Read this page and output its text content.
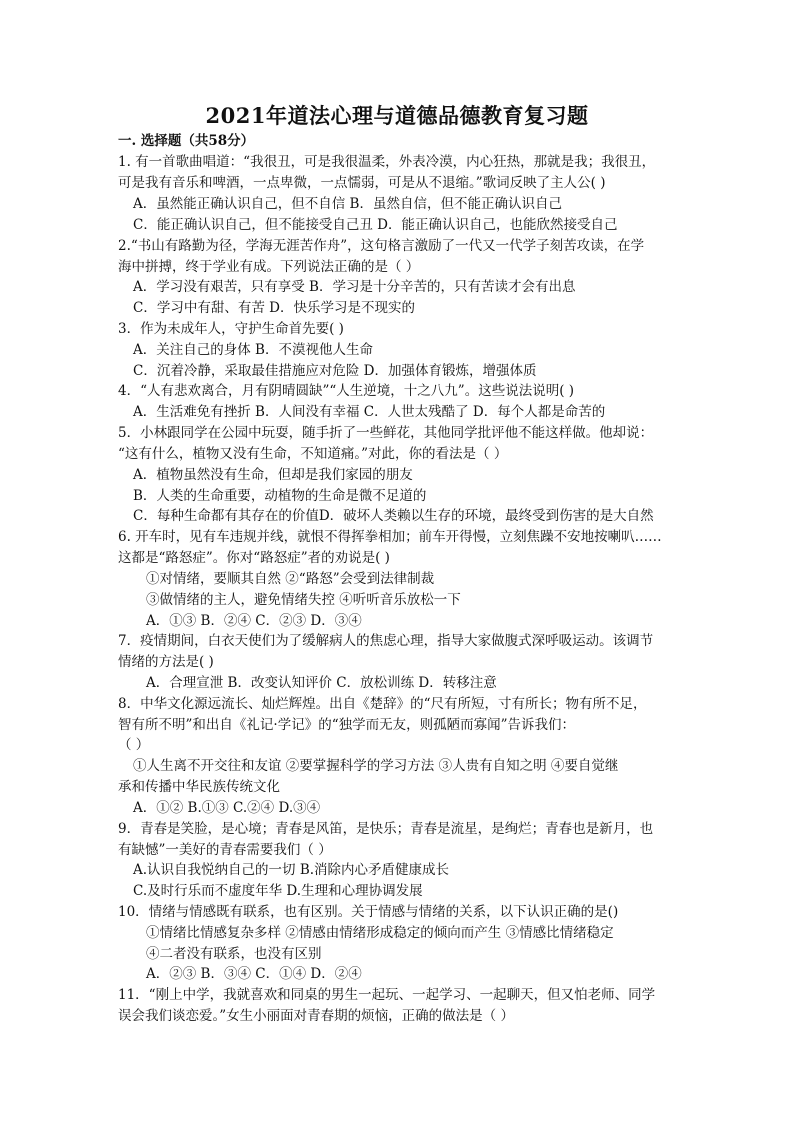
2021年道法心理与道德品德教育复习题
一. 选择题（共58分）
1. 有一首歌曲唱道：“我很丑，可是我很温柔，外表冷漠，内心狂热，那就是我；我很丑，
可是我有音乐和啤酒，一点卑微，一点懦弱，可是从不退缩。”歌词反映了主人公( )
A．虽然能正确认识自己，但不自信 B．虽然自信，但不能正确认识自己
C．能正确认识自己，但不能接受自己丑 D．能正确认识自己，也能欣然接受自己
2.“书山有路勤为径，学海无涯苦作舟”，这句格言激励了一代又一代学子刻苦攻读，在学
海中拼搏，终于学业有成。下列说法正确的是（ ）
A．学习没有艰苦，只有享受 B．学习是十分辛苦的，只有苦读才会有出息
C．学习中有甜、有苦 D．快乐学习是不现实的
3．作为未成年人，守护生命首先要( )
A．关注自己的身体 B．不漠视他人生命
C．沉着冷静，采取最佳措施应对危险 D．加强体育锻炼，增强体质
4．“人有悲欢离合，月有阴晴圆缺”“人生逆境，十之八九”。这些说法说明( )
A．生活难免有挫折 B．人间没有幸福 C．人世太残酷了 D．每个人都是命苦的
5．小林跟同学在公园中玩耍，随手折了一些鲜花，其他同学批评他不能这样做。他却说：
“这有什么，植物又没有生命，不知道痛。”对此，你的看法是（ ）
A．植物虽然没有生命，但却是我们家园的朋友
B．人类的生命重要，动植物的生命是微不足道的
C．每种生命都有其存在的价值D．破坏人类赖以生存的环境，最终受到伤害的是大自然
6. 开车时，见有车违规并线，就恨不得挥拳相加；前车开得慢，立刻焦躁不安地按喇叭……
这都是“路怒症”。你对“路怒症”者的劝说是( )
①对情绪，要顺其自然 ②“路怒”会受到法律制裁
③做情绪的主人，避免情绪失控 ④听听音乐放松一下
A．①③ B．②④ C．②③ D．③④
7．疫情期间，白衣天使们为了缓解病人的焦虑心理，指导大家做腹式深呼吸运动。该调节
情绪的方法是( )
A．合理宣泄 B．改变认知评价 C．放松训练 D．转移注意
8．中华文化源远流长、灿烂辉煌。出自《楚辞》的“尺有所短，寸有所长；物有所不足，
智有所不明”和出自《礼记·学记》的“独学而无友，则孤陋而寡闻”告诉我们：
（ ）
①人生离不开交往和友谊 ②要掌握科学的学习方法 ③人贵有自知之明 ④要自觉继
承和传播中华民族传统文化
A．①② B.①③ C.②④ D.③④
9．青春是笑脸，是心境；青春是风笛，是快乐；青春是流星，是绚烂；青春也是新月，也
有缺憾”一美好的青春需要我们（ ）
A.认识自我悦纳自己的一切 B.消除内心矛盾健康成长
C.及时行乐而不虚度年华 D.生理和心理协调发展
10．情绪与情感既有联系，也有区别。关于情感与情绪的关系，以下认识正确的是()
①情绪比情感复杂多样 ②情感由情绪形成稳定的倾向而产生 ③情感比情绪稳定
④二者没有联系，也没有区别
A．②③ B．③④ C．①④ D．②④
11．“刚上中学，我就喜欢和同桌的男生一起玩、一起学习、一起聊天，但又怕老师、同学
误会我们谈恋爱。”女生小丽面对青春期的烦恼，正确的做法是（ ）
